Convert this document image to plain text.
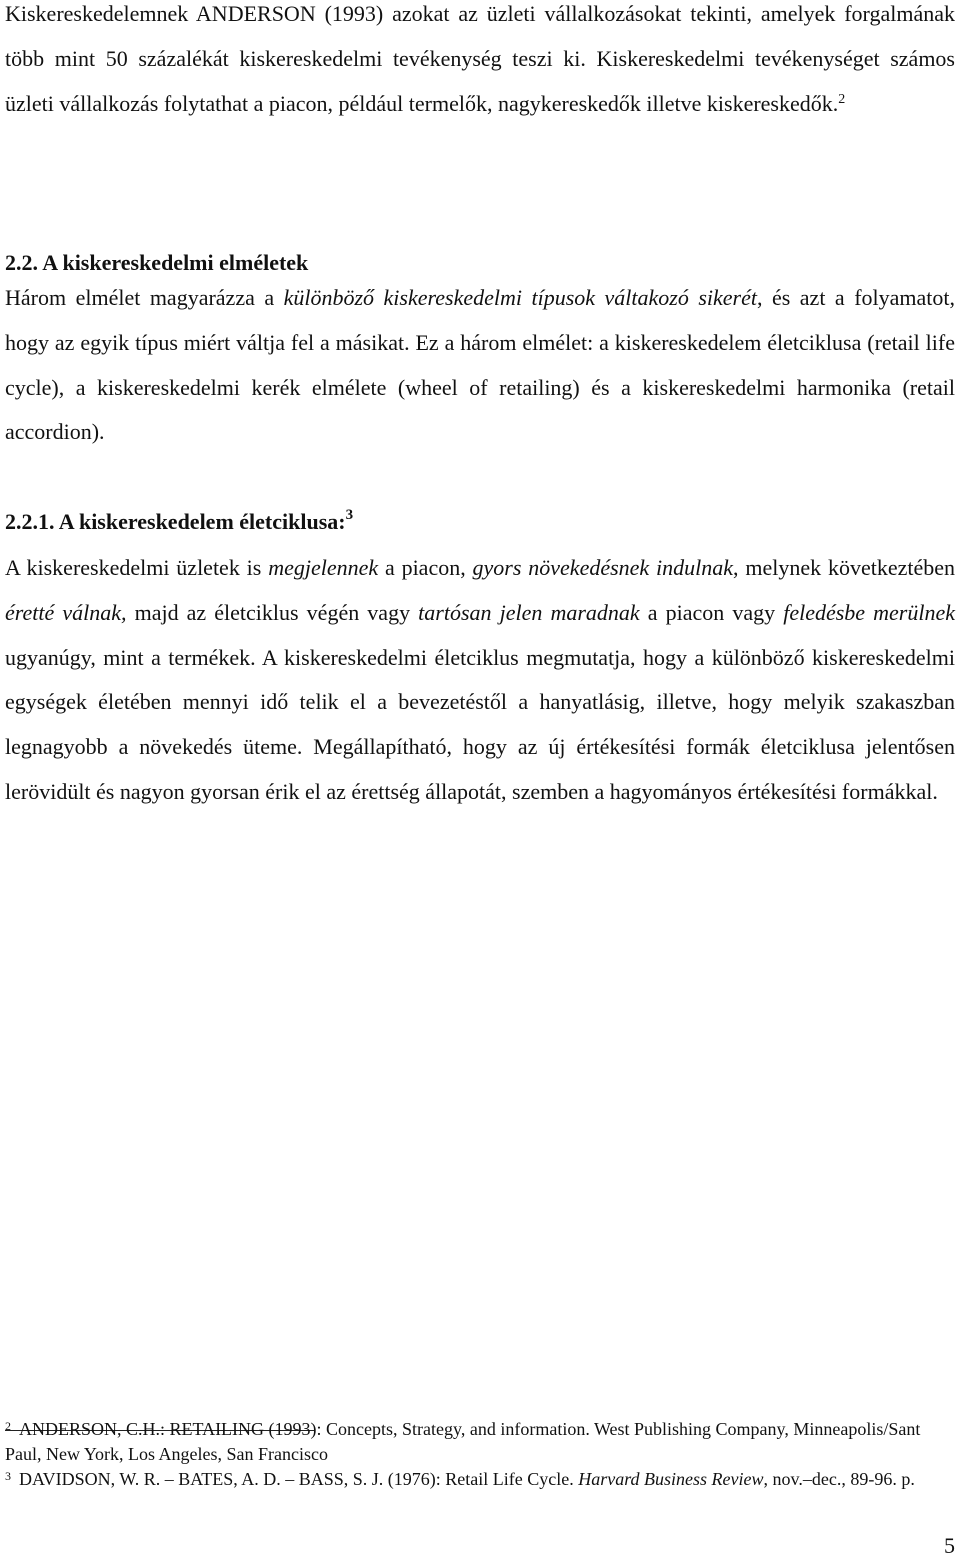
Kiskereskedelemnek ANDERSON (1993) azokat az üzleti vállalkozásokat tekinti, amelyek forgalmának több mint 50 százalékát kiskereskedelmi tevékenység teszi ki. Kiskereskedelmi tevékenységet számos üzleti vállalkozás folytathat a piacon, például termelők, nagykereskedők illetve kiskereskedők.$^2$

2.2. A kiskereskedelmi elméletek

Három elmélet magyarázza a különböző kiskereskedelmi típusok váltakozó sikerét, és azt a folyamatot, hogy az egyik típus miért váltja fel a másikat. Ez a három elmélet: a kiskereskedelem életciklusa (retail life cycle), a kiskereskedelmi kerék elmélete (wheel of retailing) és a kiskereskedelmi harmonika (retail accordion).

2.2.1. A kiskereskedelem életciklusa:$^3$

A kiskereskedelmi üzletek is megjelennek a piacon, gyors növekedésnek indulnak, melynek következtében éretté válnak, majd az életciklus végén vagy tartósan jelen maradnak a piacon vagy feledésbe merülnek ugyanúgy, mint a termékek. A kiskereskedelmi életciklus megmutatja, hogy a különböző kiskereskedelmi egységek életében mennyi idő telik el a bevezetéstől a hanyatlásig, illetve, hogy melyik szakaszban legnagyobb a növekedés üteme. Megállapítható, hogy az új értékesítési formák életciklusa jelentősen lerövidült és nagyon gyorsan érik el az érettség állapotát, szemben a hagyományos értékesítési formákkal.

$^2$ ANDERSON, C.H.: RETAILING (1993): Concepts, Strategy, and information. West Publishing Company, Minneapolis/Sant Paul, New York, Los Angeles, San Francisco

$^3$ DAVIDSON, W. R. – BATES, A. D. – BASS, S. J. (1976): Retail Life Cycle. Harvard Business Review, nov.–dec., 89-96. p.

5
